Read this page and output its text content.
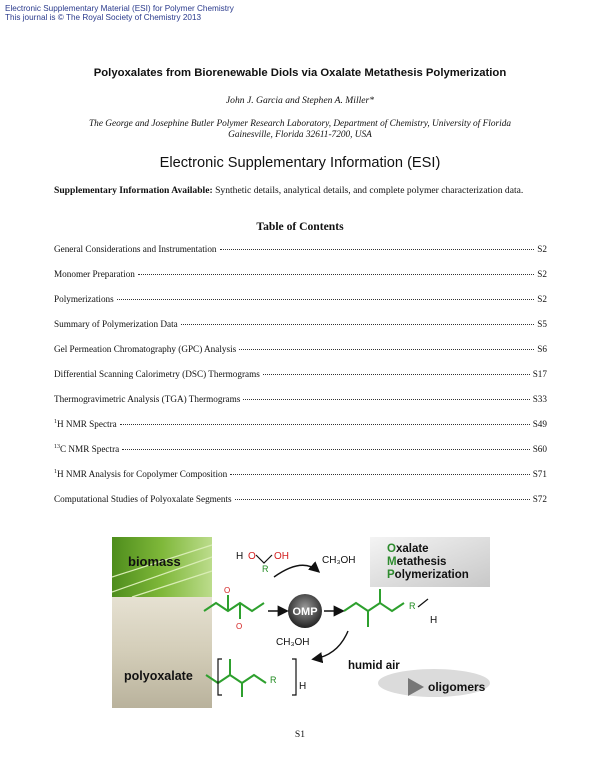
Electronic Supplementary Material (ESI) for Polymer Chemistry
This journal is © The Royal Society of Chemistry 2013
Polyoxalates from Biorenewable Diols via Oxalate Metathesis Polymerization
John J. Garcia and Stephen A. Miller*
The George and Josephine Butler Polymer Research Laboratory, Department of Chemistry, University of Florida
Gainesville, Florida 32611-7200, USA
Electronic Supplementary Information (ESI)
Supplementary Information Available: Synthetic details, analytical details, and complete polymer characterization data.
Table of Contents
General Considerations and Instrumentation	S2
Monomer Preparation	S2
Polymerizations	S2
Summary of Polymerization Data	S5
Gel Permeation Chromatography (GPC) Analysis	S6
Differential Scanning Calorimetry (DSC) Thermograms	S17
Thermogravimetric Analysis (TGA) Thermograms	S33
$^1$H NMR Spectra	S49
$^{13}$C NMR Spectra	S60
$^1$H NMR Analysis for Copolymer Composition	S71
Computational Studies of Polyoxalate Segments	S72
biomass	H O
R
OH	CH₃OH
Oxalate
Metathesis
Polymerization
O
O
OMP	R
H
CH₃OH
polyoxalate	R
H
humid air
oligomers
S1
